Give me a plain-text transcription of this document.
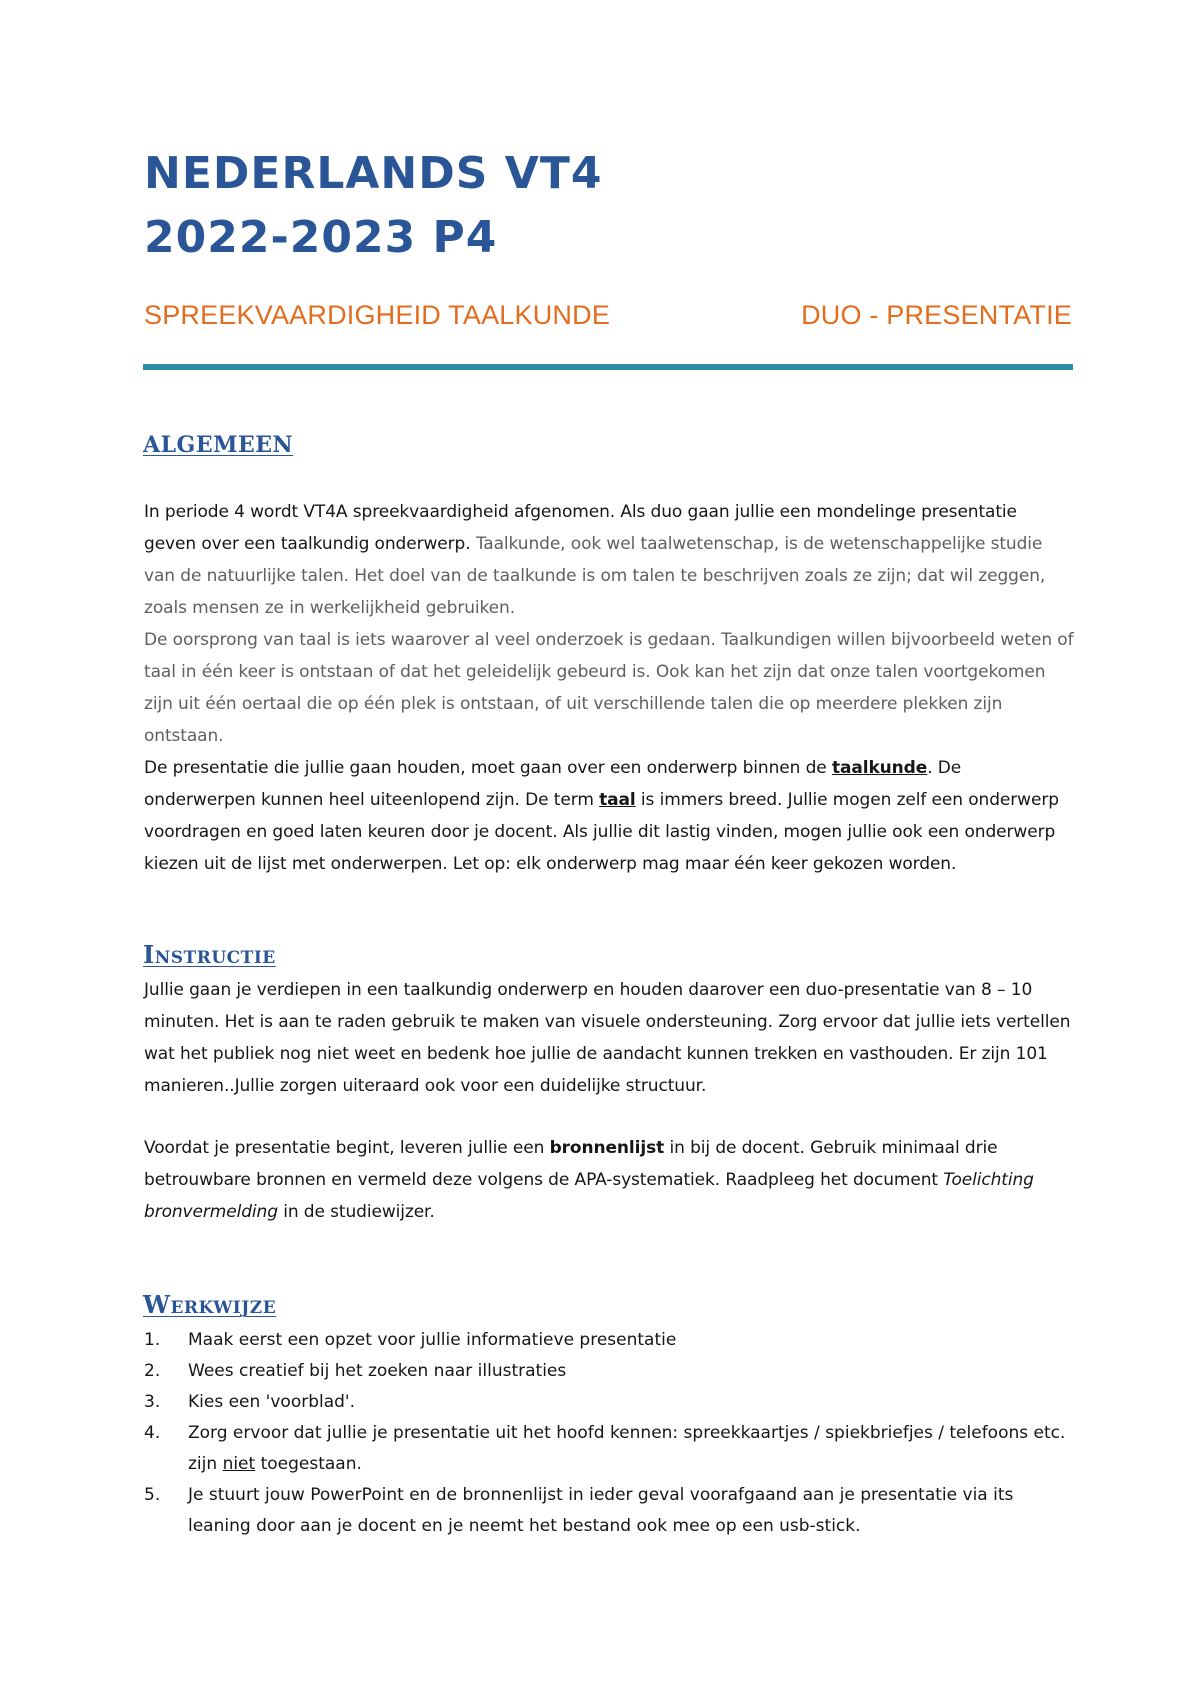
NEDERLANDS VT4
2022-2023 P4
SPREEKVAARDIGHEID TAALKUNDE	DUO - PRESENTATIE
ALGEMEEN

In periode 4 wordt VT4A spreekvaardigheid afgenomen. Als duo gaan jullie een mondelinge presentatie geven over een taalkundig onderwerp. Taalkunde, ook wel taalwetenschap, is de wetenschappelijke studie van de natuurlijke talen. Het doel van de taalkunde is om talen te beschrijven zoals ze zijn; dat wil zeggen, zoals mensen ze in werkelijkheid gebruiken.

De oorsprong van taal is iets waarover al veel onderzoek is gedaan. Taalkundigen willen bijvoorbeeld weten of taal in één keer is ontstaan of dat het geleidelijk gebeurd is. Ook kan het zijn dat onze talen voortgekomen zijn uit één oertaal die op één plek is ontstaan, of uit verschillende talen die op meerdere plekken zijn ontstaan.

De presentatie die jullie gaan houden, moet gaan over een onderwerp binnen de taalkunde. De onderwerpen kunnen heel uiteenlopend zijn. De term taal is immers breed. Jullie mogen zelf een onderwerp voordragen en goed laten keuren door je docent. Als jullie dit lastig vinden, mogen jullie ook een onderwerp kiezen uit de lijst met onderwerpen. Let op: elk onderwerp mag maar één keer gekozen worden.

Instructie

Jullie gaan je verdiepen in een taalkundig onderwerp en houden daarover een duo-presentatie van 8 – 10 minuten. Het is aan te raden gebruik te maken van visuele ondersteuning. Zorg ervoor dat jullie iets vertellen wat het publiek nog niet weet en bedenk hoe jullie de aandacht kunnen trekken en vasthouden. Er zijn 101 manieren..Jullie zorgen uiteraard ook voor een duidelijke structuur.

Voordat je presentatie begint, leveren jullie een bronnenlijst in bij de docent. Gebruik minimaal drie betrouwbare bronnen en vermeld deze volgens de APA-systematiek. Raadpleeg het document Toelichting bronvermelding in de studiewijzer.

Werkwijze
1. Maak eerst een opzet voor jullie informatieve presentatie
2. Wees creatief bij het zoeken naar illustraties
3. Kies een 'voorblad'.
4. Zorg ervoor dat jullie je presentatie uit het hoofd kennen: spreekkaartjes / spiekbriefjes / telefoons etc. zijn niet toegestaan.
5. Je stuurt jouw PowerPoint en de bronnenlijst in ieder geval voorafgaand aan je presentatie via its leaning door aan je docent en je neemt het bestand ook mee op een usb-stick.
